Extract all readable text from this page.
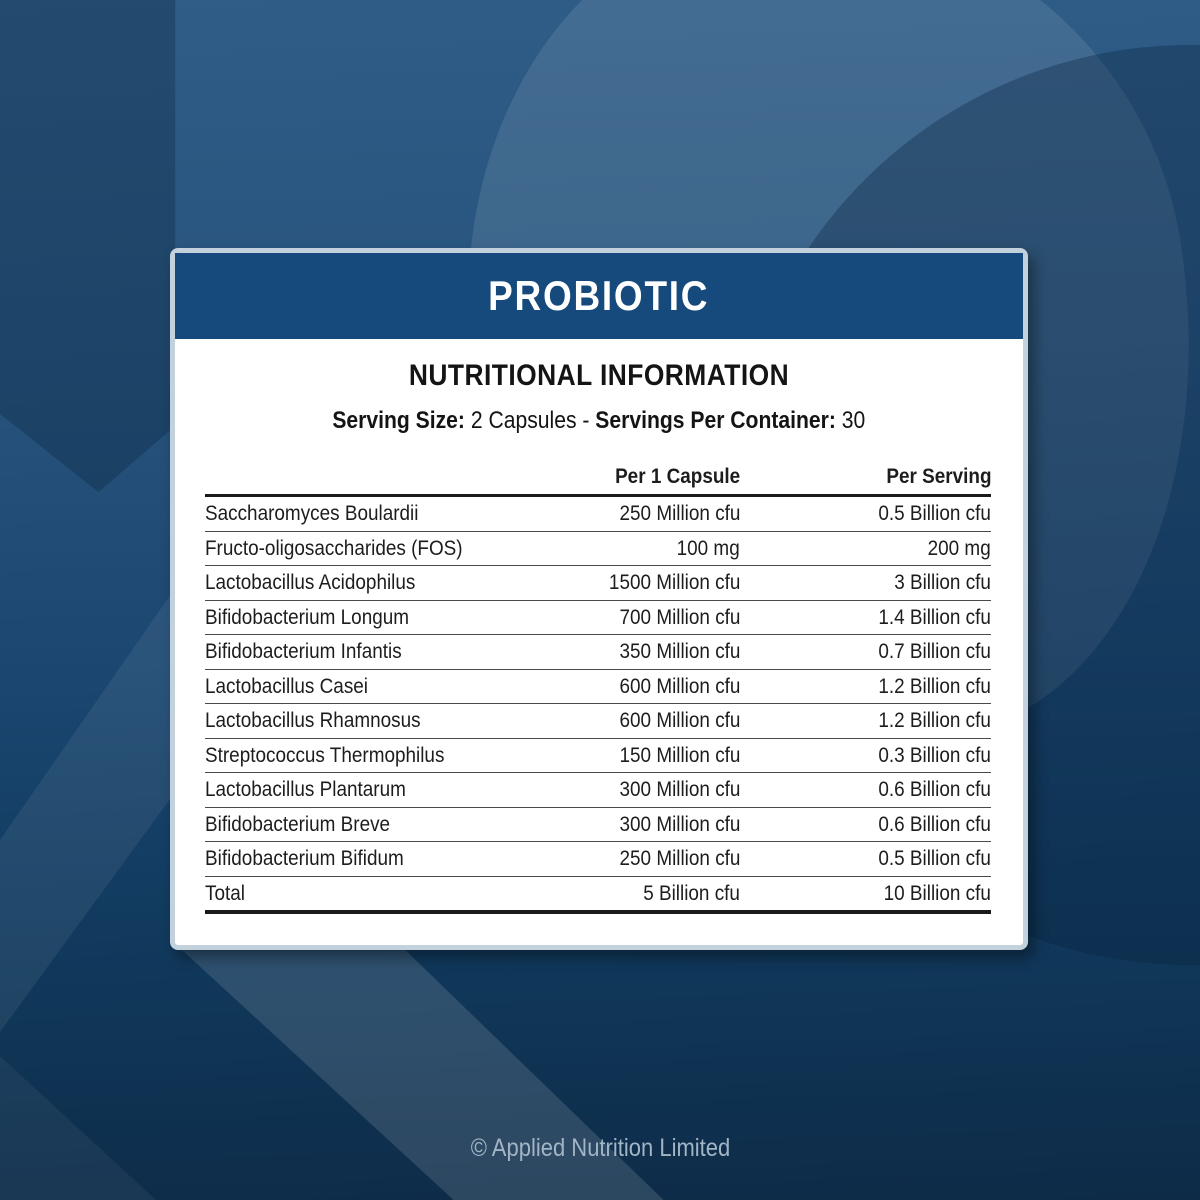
PROBIOTIC
NUTRITIONAL INFORMATION

Serving Size: 2 Capsules - Servings Per Container: 30

	Per 1 Capsule	Per Serving
Saccharomyces Boulardii	250 Million cfu	0.5 Billion cfu
Fructo-oligosaccharides (FOS)	100 mg	200 mg
Lactobacillus Acidophilus	1500 Million cfu	3 Billion cfu
Bifidobacterium Longum	700 Million cfu	1.4 Billion cfu
Bifidobacterium Infantis	350 Million cfu	0.7 Billion cfu
Lactobacillus Casei	600 Million cfu	1.2 Billion cfu
Lactobacillus Rhamnosus	600 Million cfu	1.2 Billion cfu
Streptococcus Thermophilus	150 Million cfu	0.3 Billion cfu
Lactobacillus Plantarum	300 Million cfu	0.6 Billion cfu
Bifidobacterium Breve	300 Million cfu	0.6 Billion cfu
Bifidobacterium Bifidum	250 Million cfu	0.5 Billion cfu
Total	5 Billion cfu	10 Billion cfu
© Applied Nutrition Limited
